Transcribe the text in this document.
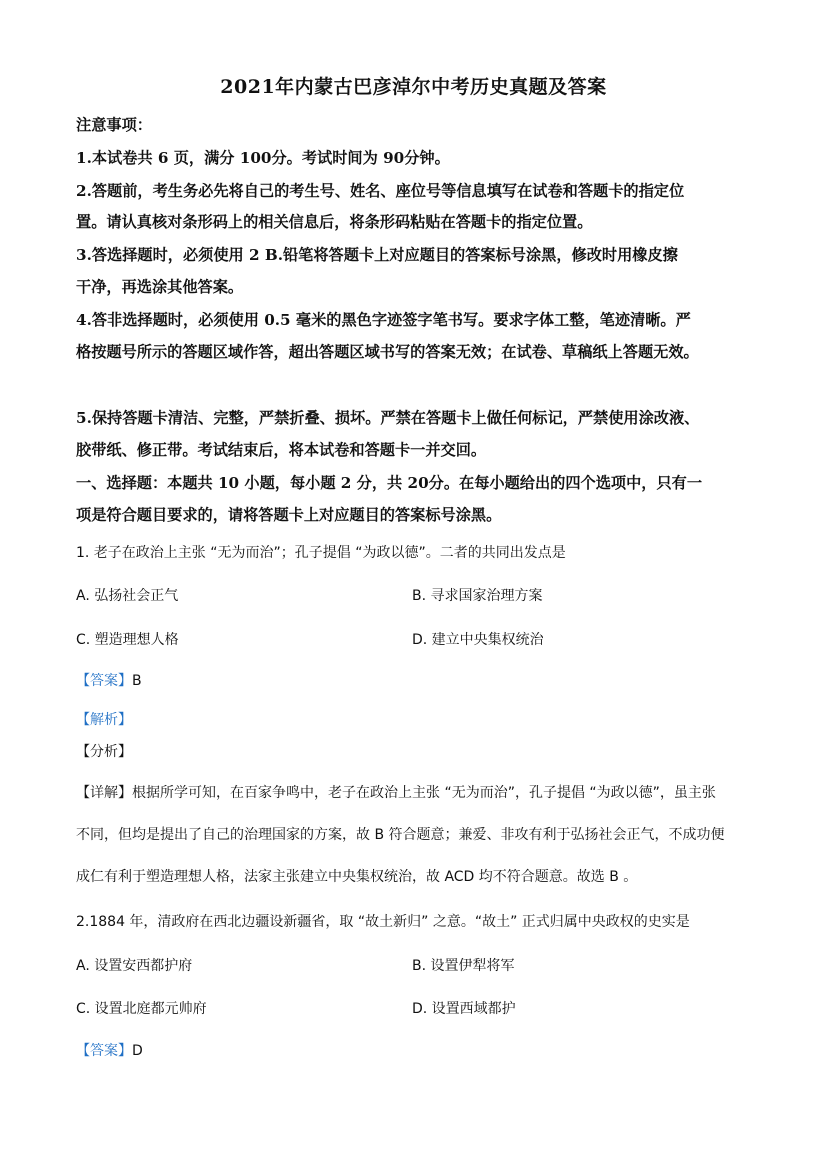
2021年内蒙古巴彦淖尔中考历史真题及答案
注意事项：
1.本试卷共 6 页，满分 100分。考试时间为 90分钟。
2.答题前，考生务必先将自己的考生号、姓名、座位号等信息填写在试卷和答题卡的指定位
置。请认真核对条形码上的相关信息后，将条形码粘贴在答题卡的指定位置。
3.答选择题时，必须使用 2 B.铅笔将答题卡上对应题目的答案标号涂黑，修改时用橡皮擦
干净，再选涂其他答案。
4.答非选择题时，必须使用 0.5 毫米的黑色字迹签字笔书写。要求字体工整，笔迹清晰。严
格按题号所示的答题区域作答，超出答题区域书写的答案无效；在试卷、草稿纸上答题无效。
5.保持答题卡清洁、完整，严禁折叠、损坏。严禁在答题卡上做任何标记，严禁使用涂改液、
胶带纸、修正带。考试结束后，将本试卷和答题卡一并交回。
一、选择题：本题共 10 小题，每小题 2 分，共 20分。在每小题给出的四个选项中，只有一
项是符合题目要求的，请将答题卡上对应题目的答案标号涂黑。
1. 老子在政治上主张 “无为而治”；孔子提倡 “为政以德”。二者的共同出发点是
A. 弘扬社会正气	B. 寻求国家治理方案
C. 塑造理想人格	D. 建立中央集权统治
【答案】B
【解析】
【分析】
【详解】根据所学可知，在百家争鸣中，老子在政治上主张 “无为而治”，孔子提倡 “为政以德”，虽主张
不同，但均是提出了自己的治理国家的方案，故 B 符合题意；兼爱、非攻有利于弘扬社会正气，不成功便
成仁有利于塑造理想人格，法家主张建立中央集权统治，故 ACD 均不符合题意。故选 B 。
2.1884 年，清政府在西北边疆设新疆省，取 “故土新归” 之意。“故土” 正式归属中央政权的史实是
A. 设置安西都护府	B. 设置伊犁将军
C. 设置北庭都元帅府	D. 设置西域都护
【答案】D
